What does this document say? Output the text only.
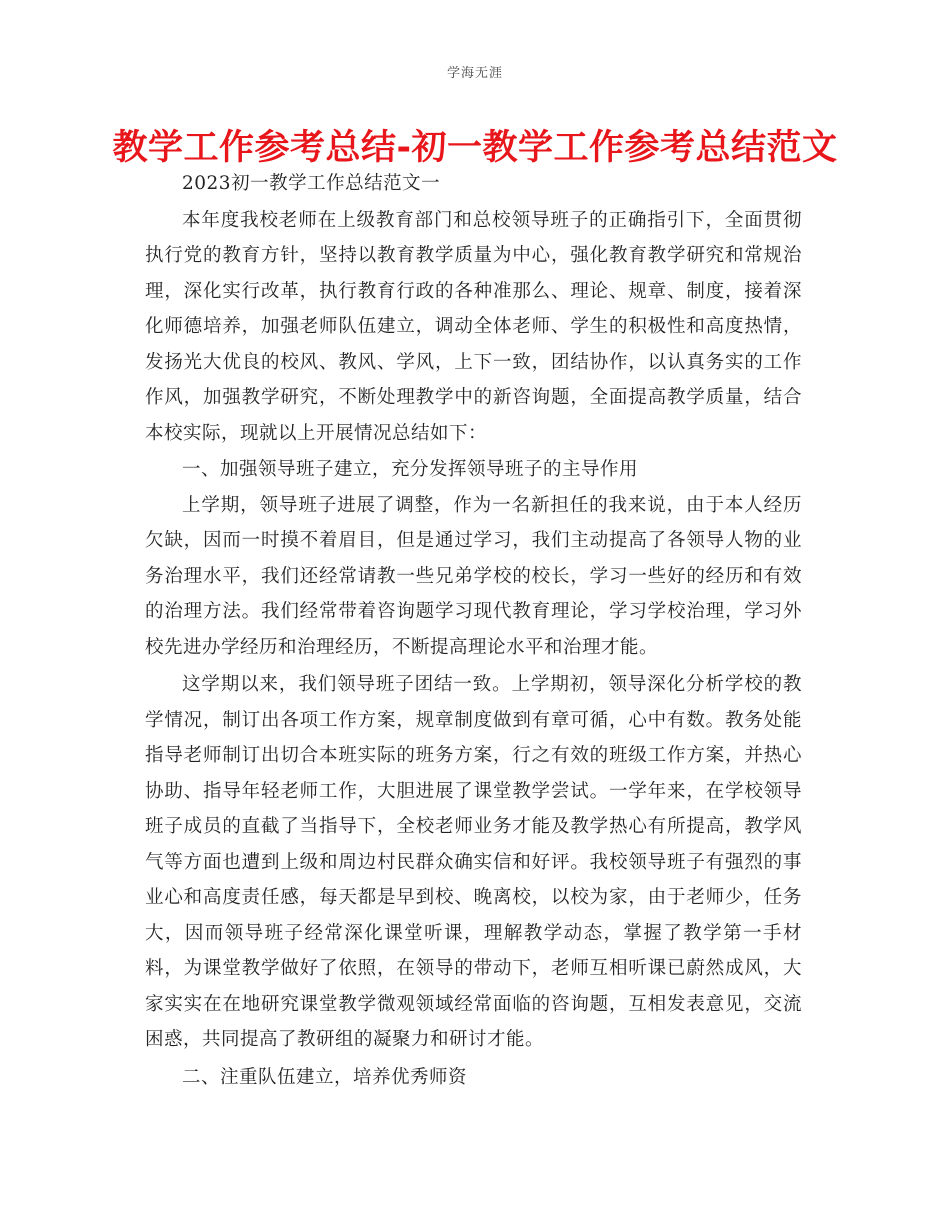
学海无涯
教学工作参考总结-初一教学工作参考总结范文

2023初一教学工作总结范文一

本年度我校老师在上级教育部门和总校领导班子的正确指引下，全面贯彻执行党的教育方针，坚持以教育教学质量为中心，强化教育教学研究和常规治理，深化实行改革，执行教育行政的各种准那么、理论、规章、制度，接着深化师德培养，加强老师队伍建立，调动全体老师、学生的积极性和高度热情，发扬光大优良的校风、教风、学风，上下一致，团结协作，以认真务实的工作作风，加强教学研究，不断处理教学中的新咨询题，全面提高教学质量，结合本校实际，现就以上开展情况总结如下：

一、加强领导班子建立，充分发挥领导班子的主导作用

上学期，领导班子进展了调整，作为一名新担任的我来说，由于本人经历欠缺，因而一时摸不着眉目，但是通过学习，我们主动提高了各领导人物的业务治理水平，我们还经常请教一些兄弟学校的校长，学习一些好的经历和有效的治理方法。我们经常带着咨询题学习现代教育理论，学习学校治理，学习外校先进办学经历和治理经历，不断提高理论水平和治理才能。

这学期以来，我们领导班子团结一致。上学期初，领导深化分析学校的教学情况，制订出各项工作方案，规章制度做到有章可循，心中有数。教务处能指导老师制订出切合本班实际的班务方案，行之有效的班级工作方案，并热心协助、指导年轻老师工作，大胆进展了课堂教学尝试。一学年来，在学校领导班子成员的直截了当指导下，全校老师业务才能及教学热心有所提高，教学风气等方面也遭到上级和周边村民群众确实信和好评。我校领导班子有强烈的事业心和高度责任感，每天都是早到校、晚离校，以校为家，由于老师少，任务大，因而领导班子经常深化课堂听课，理解教学动态，掌握了教学第一手材料，为课堂教学做好了依照，在领导的带动下，老师互相听课已蔚然成风，大家实实在在地研究课堂教学微观领域经常面临的咨询题，互相发表意见，交流困惑，共同提高了教研组的凝聚力和研讨才能。

二、注重队伍建立，培养优秀师资
